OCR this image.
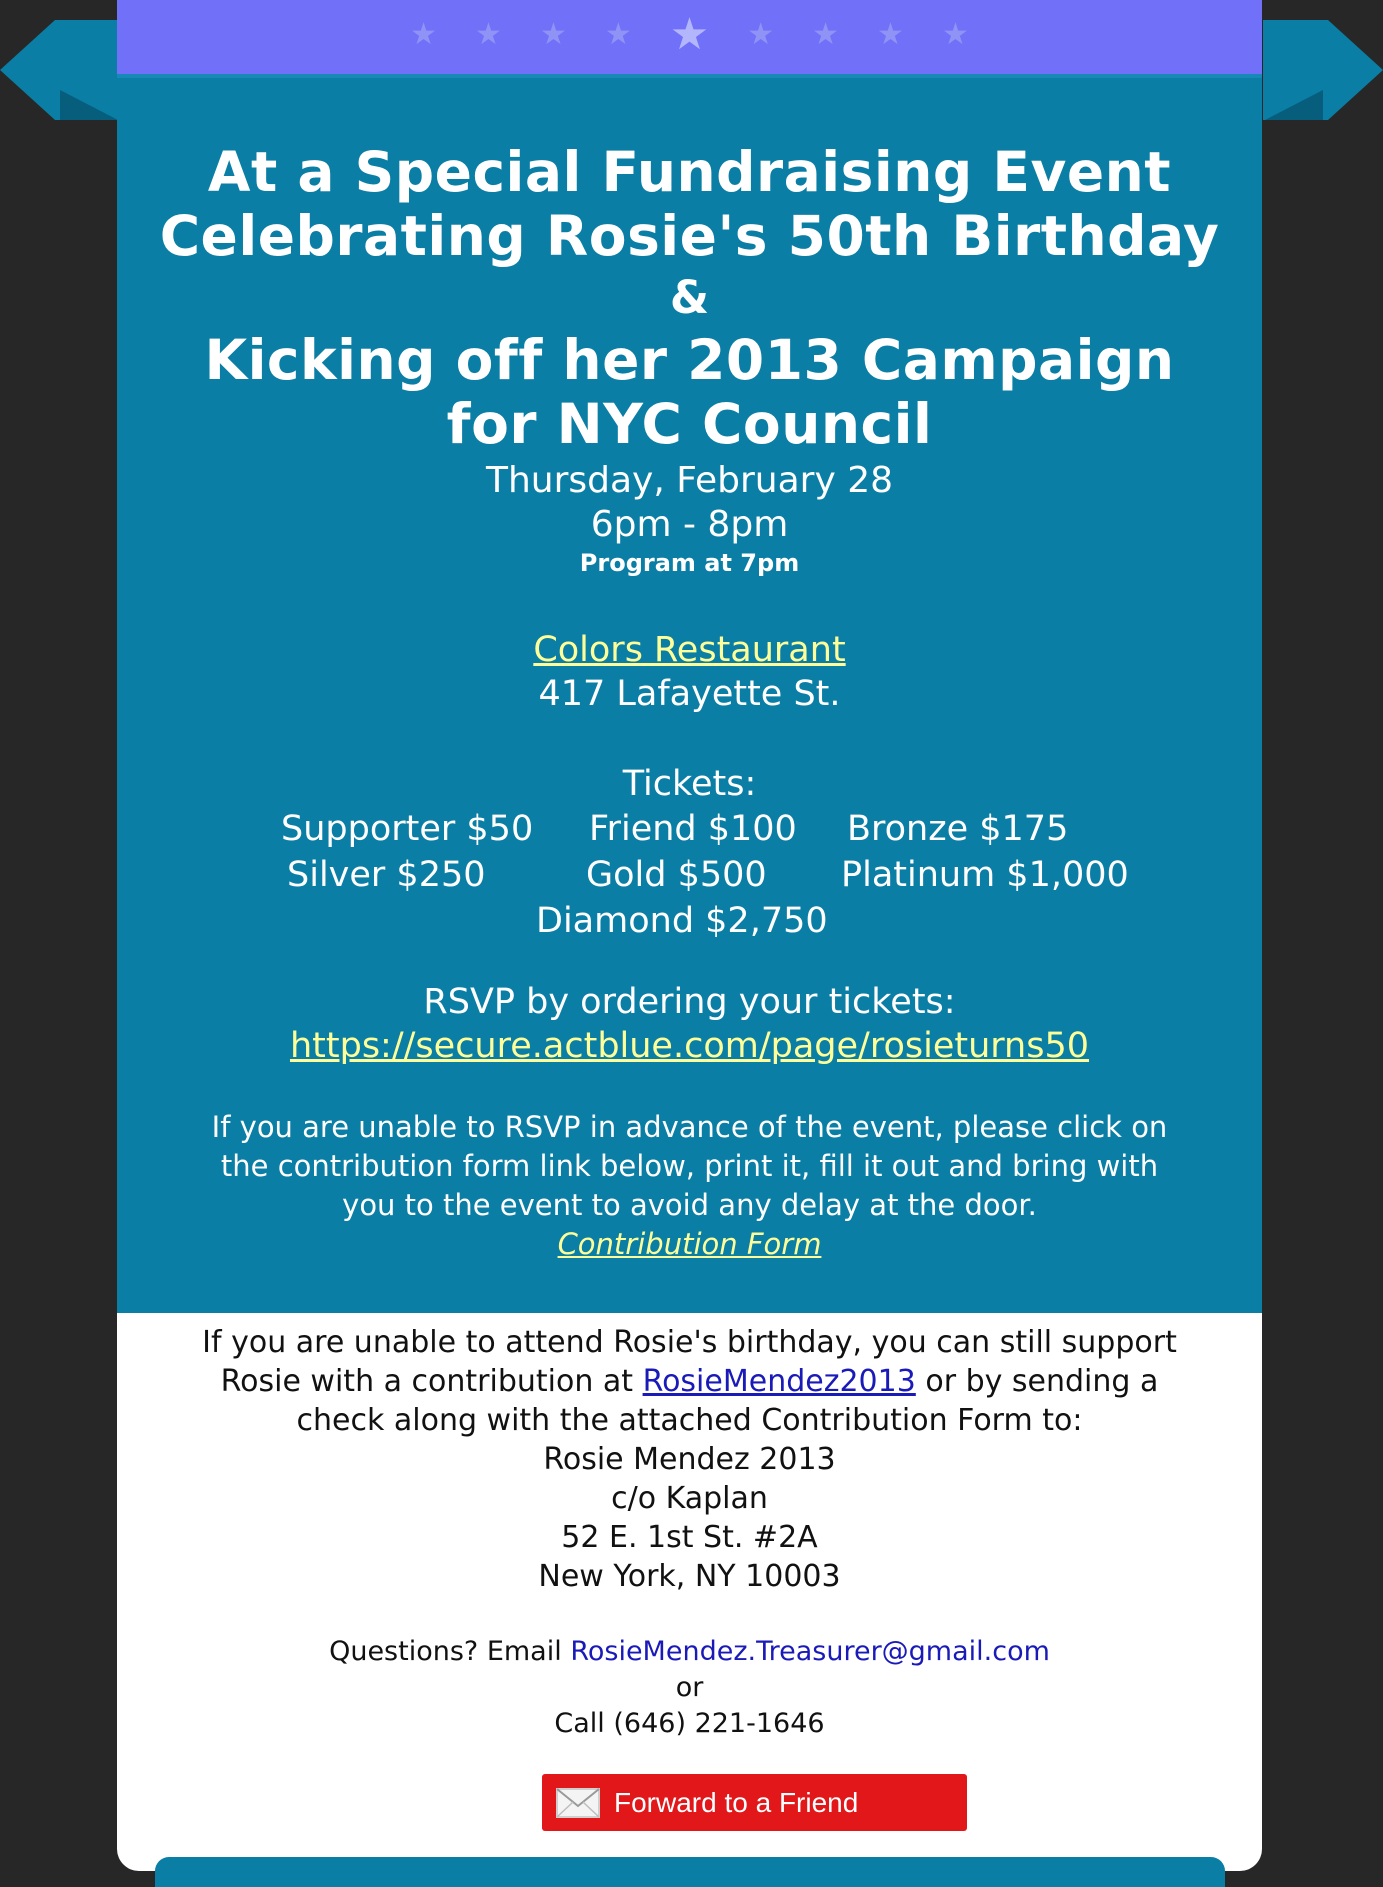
★ ★ ★ ★ ★ ★ ★ ★ ★
At a Special Fundraising Event
Celebrating Rosie's 50th Birthday
&
Kicking off her 2013 Campaign
for NYC Council
Thursday, February 28
6pm - 8pm
Program at 7pm
Colors Restaurant
417 Lafayette St.
Tickets:
Supporter $50 Friend $100 Bronze $175
Silver $250	Gold $500 Platinum $1,000
Diamond $2,750
RSVP by ordering your tickets:
https://secure.actblue.com/page/rosieturns50
If you are unable to RSVP in advance of the event, please click on
the contribution form link below, print it, fill it out and bring with
you to the event to avoid any delay at the door.
Contribution Form
If you are unable to attend Rosie's birthday, you can still support
Rosie with a contribution at RosieMendez2013 or by sending a
check along with the attached Contribution Form to:
Rosie Mendez 2013
c/o Kaplan
52 E. 1st St. #2A
New York, NY 10003
Questions? Email RosieMendez.Treasurer@gmail.com
or
Call (646) 221-1646
Forward to a Friend
